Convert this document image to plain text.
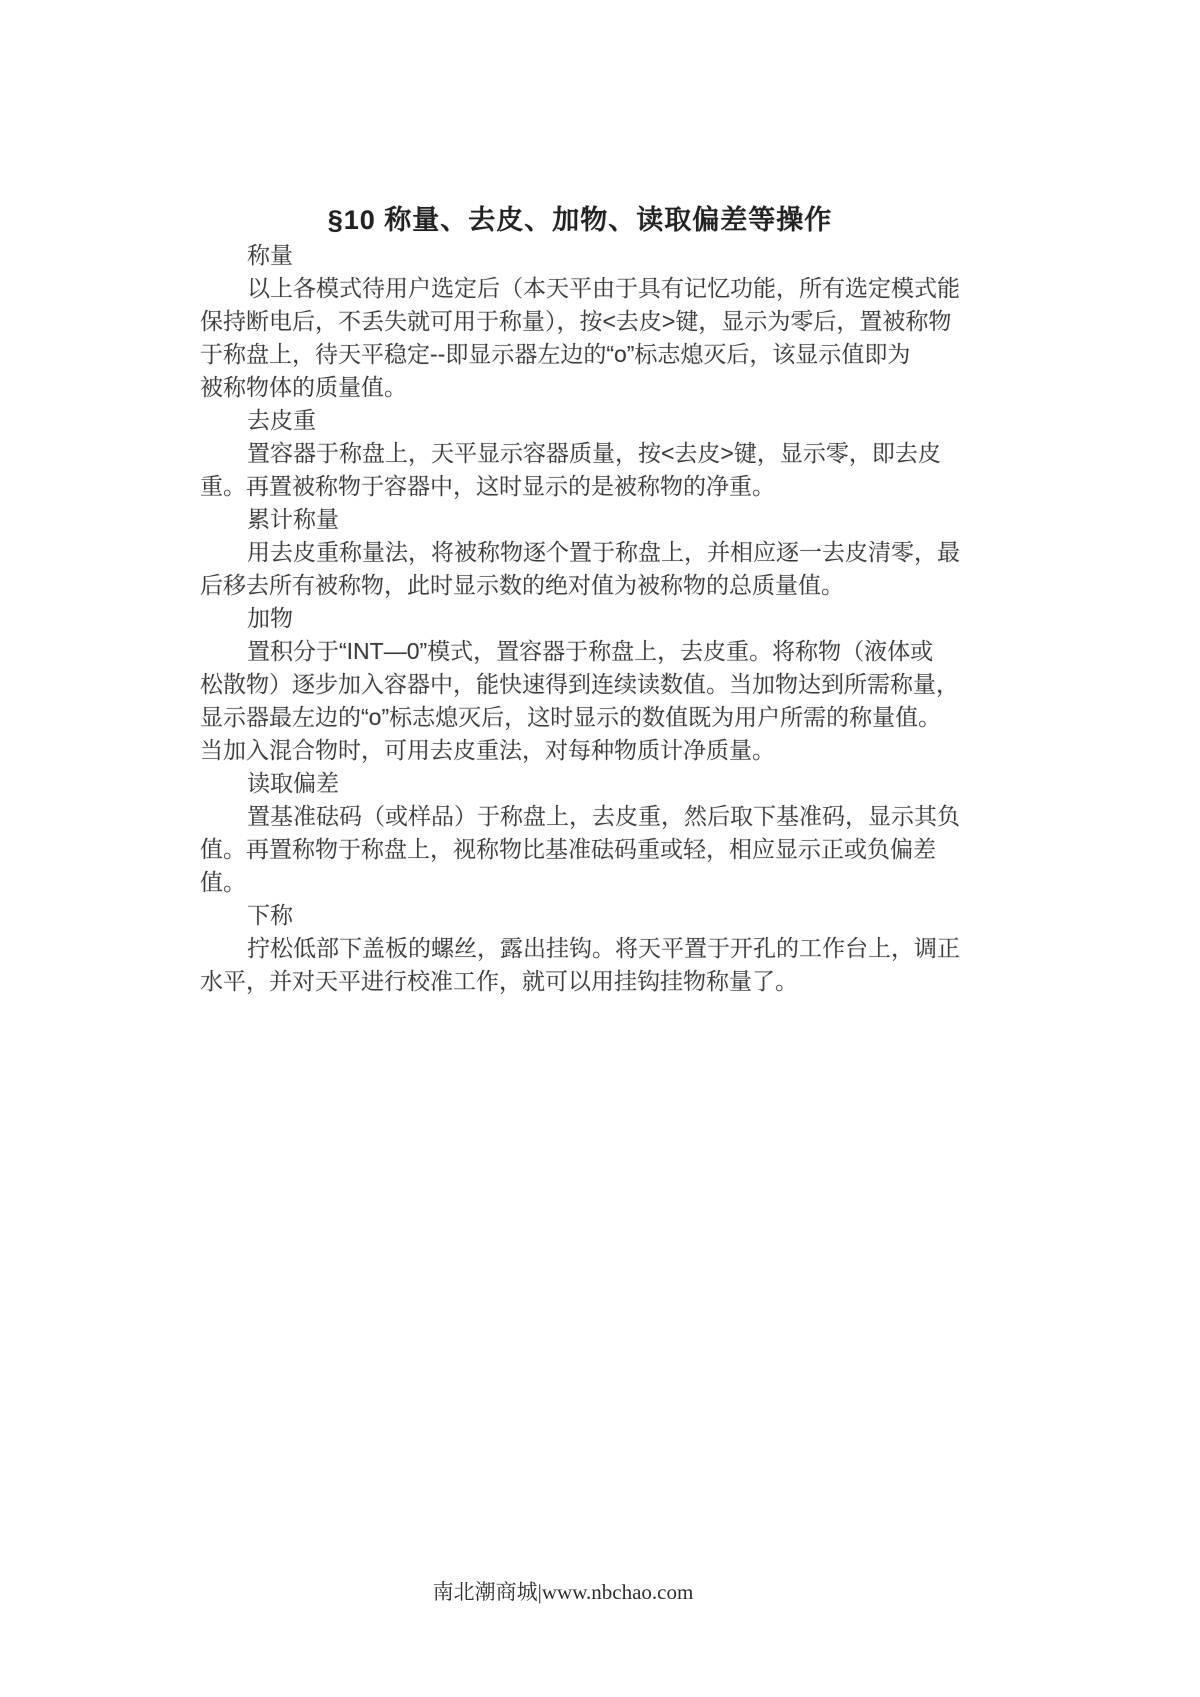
§10 称量、去皮、加物、读取偏差等操作

称量

以上各模式待用户选定后（本天平由于具有记忆功能，所有选定模式能
保持断电后，不丢失就可用于称量），按<去皮>键，显示为零后，置被称物
于称盘上，待天平稳定--即显示器左边的“o”标志熄灭后，该显示值即为
被称物体的质量值。

去皮重

置容器于称盘上，天平显示容器质量，按<去皮>键，显示零，即去皮
重。再置被称物于容器中，这时显示的是被称物的净重。

累计称量

用去皮重称量法，将被称物逐个置于称盘上，并相应逐一去皮清零，最
后移去所有被称物，此时显示数的绝对值为被称物的总质量值。

加物

置积分于“INT—0”模式，置容器于称盘上，去皮重。将称物（液体或
松散物）逐步加入容器中，能快速得到连续读数值。当加物达到所需称量，
显示器最左边的“o”标志熄灭后，这时显示的数值既为用户所需的称量值。
当加入混合物时，可用去皮重法，对每种物质计净质量。

读取偏差

置基准砝码（或样品）于称盘上，去皮重，然后取下基准码，显示其负
值。再置称物于称盘上，视称物比基准砝码重或轻，相应显示正或负偏差
值。

下称

拧松低部下盖板的螺丝，露出挂钩。将天平置于开孔的工作台上，调正
水平，并对天平进行校准工作，就可以用挂钩挂物称量了。
南北潮商城|www.nbchao.com
